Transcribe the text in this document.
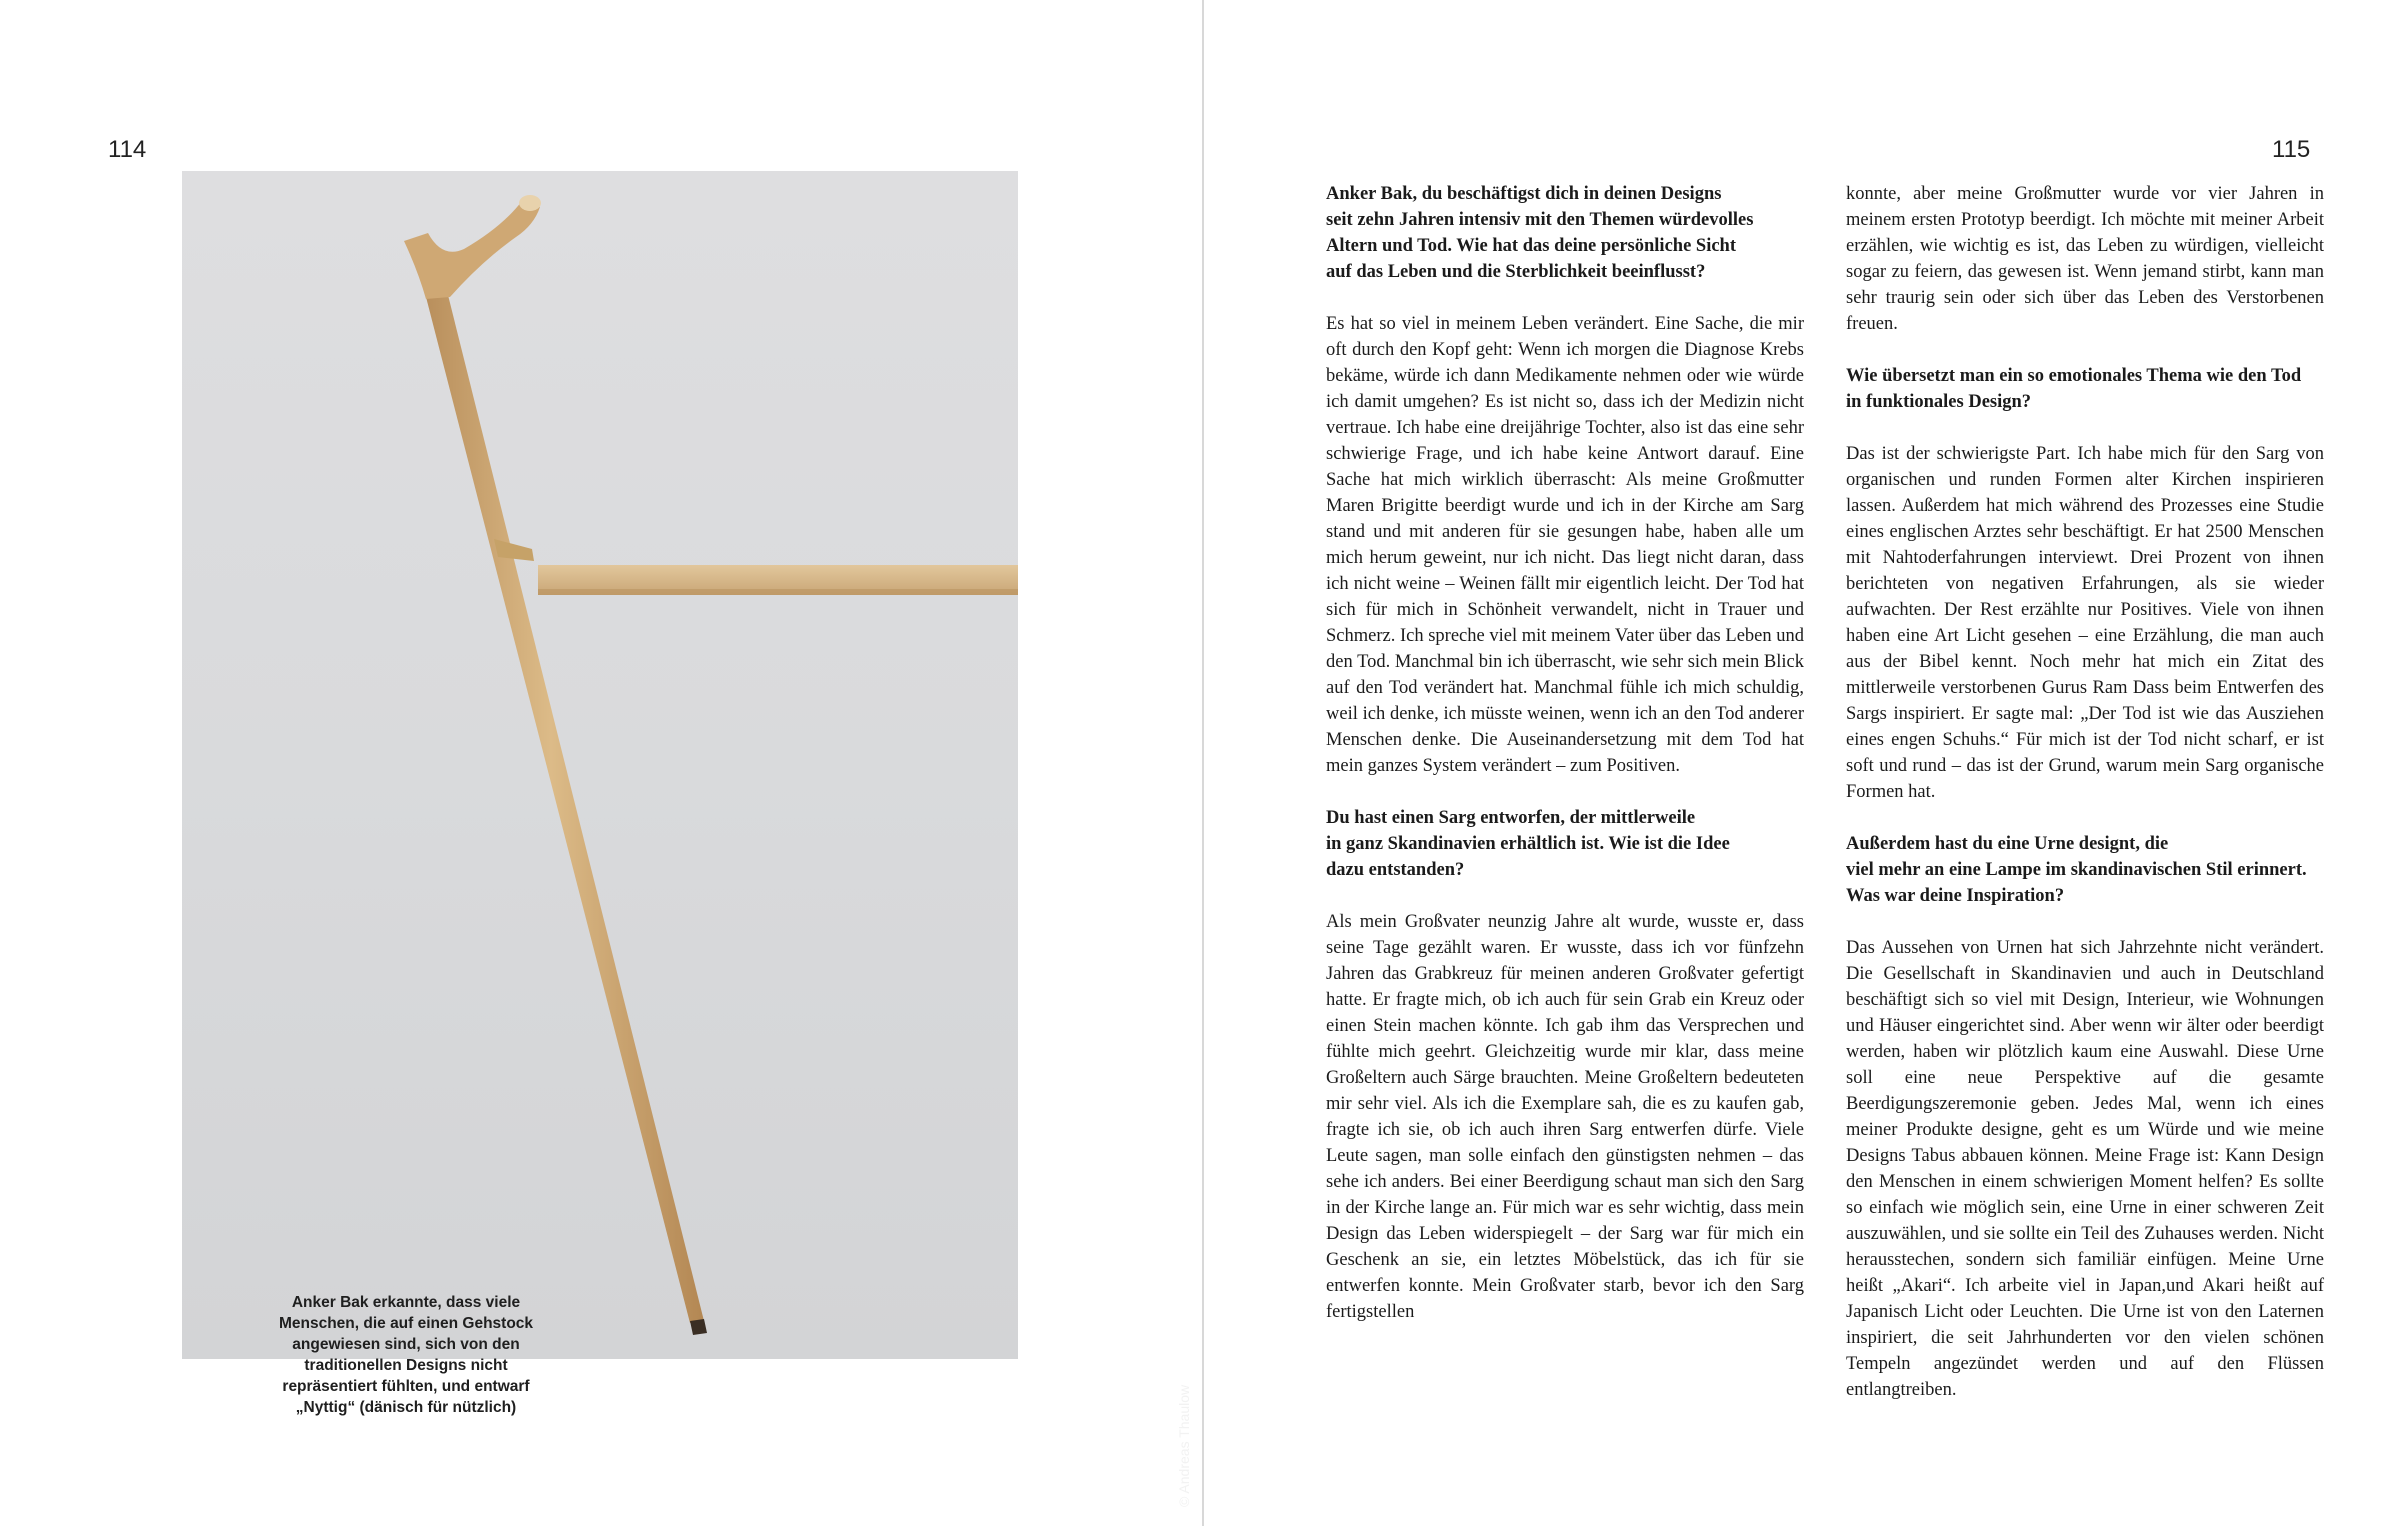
114	115
© Andreas Thaulow
Anker Bak erkannte, dass viele
Menschen, die auf einen Gehstock
angewiesen sind, sich von den
traditionellen Designs nicht
repräsentiert fühlten, und entwarf
„Nyttig“ (dänisch für nützlich)
Anker Bak, du beschäftigst dich in deinen Designs
seit zehn Jahren intensiv mit den Themen würdevolles
Altern und Tod. Wie hat das deine persönliche Sicht
auf das Leben und die Sterblichkeit beeinflusst?

Es hat so viel in meinem Leben verändert. Eine Sache, die mir oft durch den Kopf geht: Wenn ich morgen die Diagnose Krebs bekäme, würde ich dann Medikamente nehmen oder wie würde ich damit umgehen? Es ist nicht so, dass ich der Medizin nicht vertraue. Ich habe eine dreijährige Tochter, also ist das eine sehr schwierige Frage, und ich habe keine Antwort darauf. Eine Sache hat mich wirklich überrascht: Als meine Großmutter Maren Brigitte beerdigt wurde und ich in der Kirche am Sarg stand und mit anderen für sie gesungen habe, haben alle um mich herum geweint, nur ich nicht. Das liegt nicht daran, dass ich nicht weine – Weinen fällt mir eigentlich leicht. Der Tod hat sich für mich in Schönheit verwandelt, nicht in Trauer und Schmerz. Ich spreche viel mit meinem Vater über das Leben und den Tod. Manchmal bin ich überrascht, wie sehr sich mein Blick auf den Tod verändert hat. Manchmal fühle ich mich schuldig, weil ich denke, ich müsste weinen, wenn ich an den Tod anderer Menschen denke. Die Auseinandersetzung mit dem Tod hat mein ganzes System verändert – zum Positiven.

Du hast einen Sarg entworfen, der mittlerweile
in ganz Skandinavien erhältlich ist. Wie ist die Idee
dazu entstanden?

Als mein Großvater neunzig Jahre alt wurde, wusste er, dass seine Tage gezählt waren. Er wusste, dass ich vor fünfzehn Jahren das Grabkreuz für meinen anderen Großvater gefertigt hatte. Er fragte mich, ob ich auch für sein Grab ein Kreuz oder einen Stein machen könnte. Ich gab ihm das Versprechen und fühlte mich geehrt. Gleichzeitig wurde mir klar, dass meine Großeltern auch Särge brauchten. Meine Großeltern bedeuteten mir sehr viel. Als ich die Exemplare sah, die es zu kaufen gab, fragte ich sie, ob ich auch ihren Sarg entwerfen dürfe. Viele Leute sagen, man solle einfach den günstigsten nehmen – das sehe ich anders. Bei einer Beerdigung schaut man sich den Sarg in der Kirche lange an. Für mich war es sehr wichtig, dass mein Design das Leben widerspiegelt – der Sarg war für mich ein Geschenk an sie, ein letztes Möbelstück, das ich für sie entwerfen konnte. Mein Großvater starb, bevor ich den Sarg fertigstellen

konnte, aber meine Großmutter wurde vor vier Jahren in meinem ersten Prototyp beerdigt. Ich möchte mit meiner Arbeit erzählen, wie wichtig es ist, das Leben zu würdigen, vielleicht sogar zu feiern, das gewesen ist. Wenn jemand stirbt, kann man sehr traurig sein oder sich über das Leben des Verstorbenen freuen.

Wie übersetzt man ein so emotionales Thema wie den Tod
in funktionales Design?

Das ist der schwierigste Part. Ich habe mich für den Sarg von organischen und runden Formen alter Kirchen inspirieren lassen. Außerdem hat mich während des Prozesses eine Studie eines englischen Arztes sehr beschäftigt. Er hat 2500 Menschen mit Nahtoderfahrungen interviewt. Drei Prozent von ihnen berichteten von negativen Erfahrungen, als sie wieder aufwachten. Der Rest erzählte nur Positives. Viele von ihnen haben eine Art Licht gesehen – eine Erzählung, die man auch aus der Bibel kennt. Noch mehr hat mich ein Zitat des mittlerweile verstorbenen Gurus Ram Dass beim Entwerfen des Sargs inspiriert. Er sagte mal: „Der Tod ist wie das Ausziehen eines engen Schuhs.“ Für mich ist der Tod nicht scharf, er ist soft und rund – das ist der Grund, warum mein Sarg organische Formen hat.

Außerdem hast du eine Urne designt, die
viel mehr an eine Lampe im skandinavischen Stil erinnert.
Was war deine Inspiration?

Das Aussehen von Urnen hat sich Jahrzehnte nicht verändert. Die Gesellschaft in Skandinavien und auch in Deutschland beschäftigt sich so viel mit Design, Interieur, wie Wohnungen und Häuser eingerichtet sind. Aber wenn wir älter oder beerdigt werden, haben wir plötzlich kaum eine Auswahl. Diese Urne soll eine neue Perspektive auf die gesamte Beerdigungszeremonie geben. Jedes Mal, wenn ich eines meiner Produkte designe, geht es um Würde und wie meine Designs Tabus abbauen können. Meine Frage ist: Kann Design den Menschen in einem schwierigen Moment helfen? Es sollte so einfach wie möglich sein, eine Urne in einer schweren Zeit auszuwählen, und sie sollte ein Teil des Zuhauses werden. Nicht herausstechen, sondern sich familiär einfügen. Meine Urne heißt „Akari“. Ich arbeite viel in Japan,und Akari heißt auf Japanisch Licht oder Leuchten. Die Urne ist von den Laternen inspiriert, die seit Jahrhunderten vor den vielen schönen Tempeln angezündet werden und auf den Flüssen entlangtreiben.
